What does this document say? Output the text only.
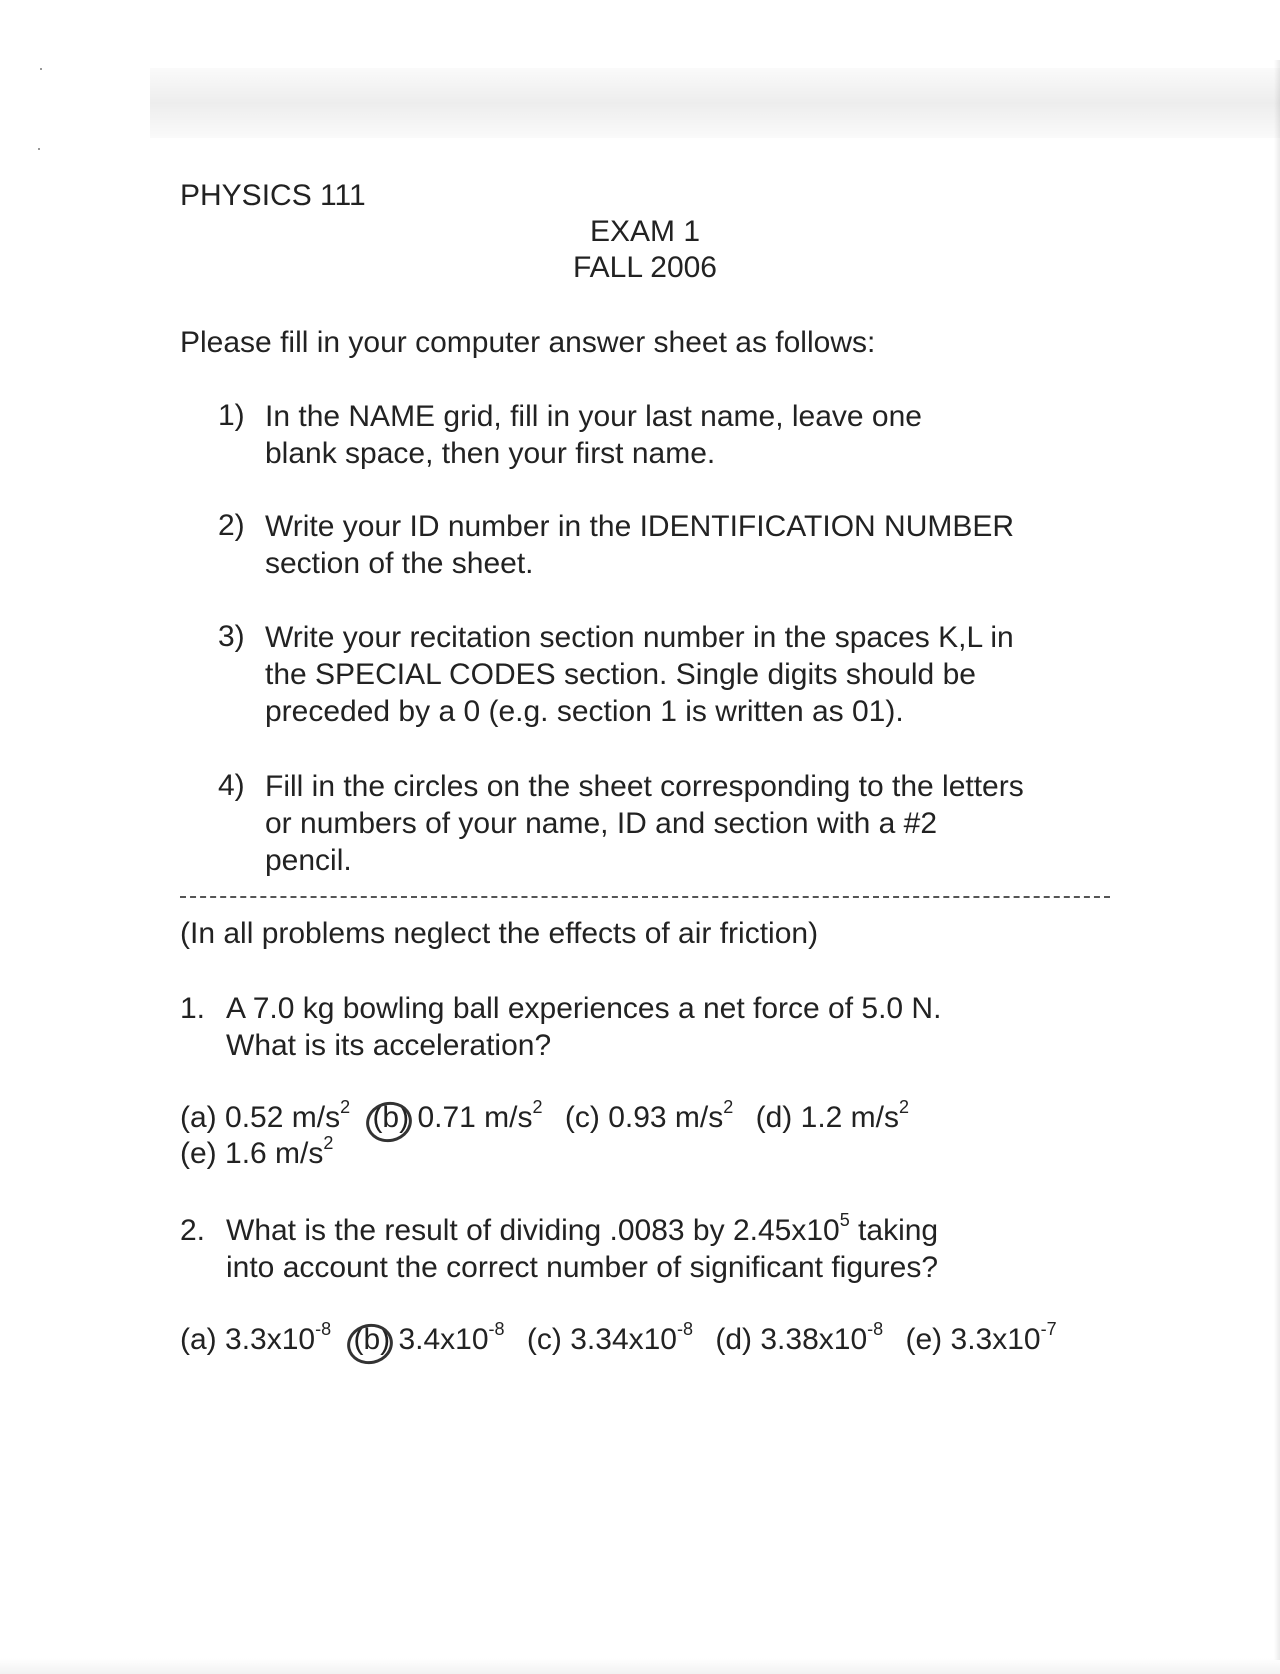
PHYSICS 111
EXAM 1
FALL 2006
Please fill in your computer answer sheet as follows:
1) In the NAME grid, fill in your last name, leave one
blank space, then your first name.
2) Write your ID number in the IDENTIFICATION NUMBER
section of the sheet.
3) Write your recitation section number in the spaces K,L in
the SPECIAL CODES section. Single digits should be
preceded by a 0 (e.g. section 1 is written as 01).
4) Fill in the circles on the sheet corresponding to the letters
or numbers of your name, ID and section with a #2
pencil.
(In all problems neglect the effects of air friction)
1. A 7.0 kg bowling ball experiences a net force of 5.0 N.
What is its acceleration?
(a) 0.52 $m/s^2$ (b) 0.71 $m/s^2$ (c) 0.93 $m/s^2$ (d) 1.2 $m/s^2$
(e) 1.6 $m/s^2$
2. What is the result of dividing .0083 by $2.45x10^5$ taking
into account the correct number of significant figures?
(a) $3.3x10^{-8}$ (b) $3.4x10^{-8}$ (c) $3.34x10^{-8}$ (d) $3.38x10^{-8}$ (e) $3.3x10^{-7}$
